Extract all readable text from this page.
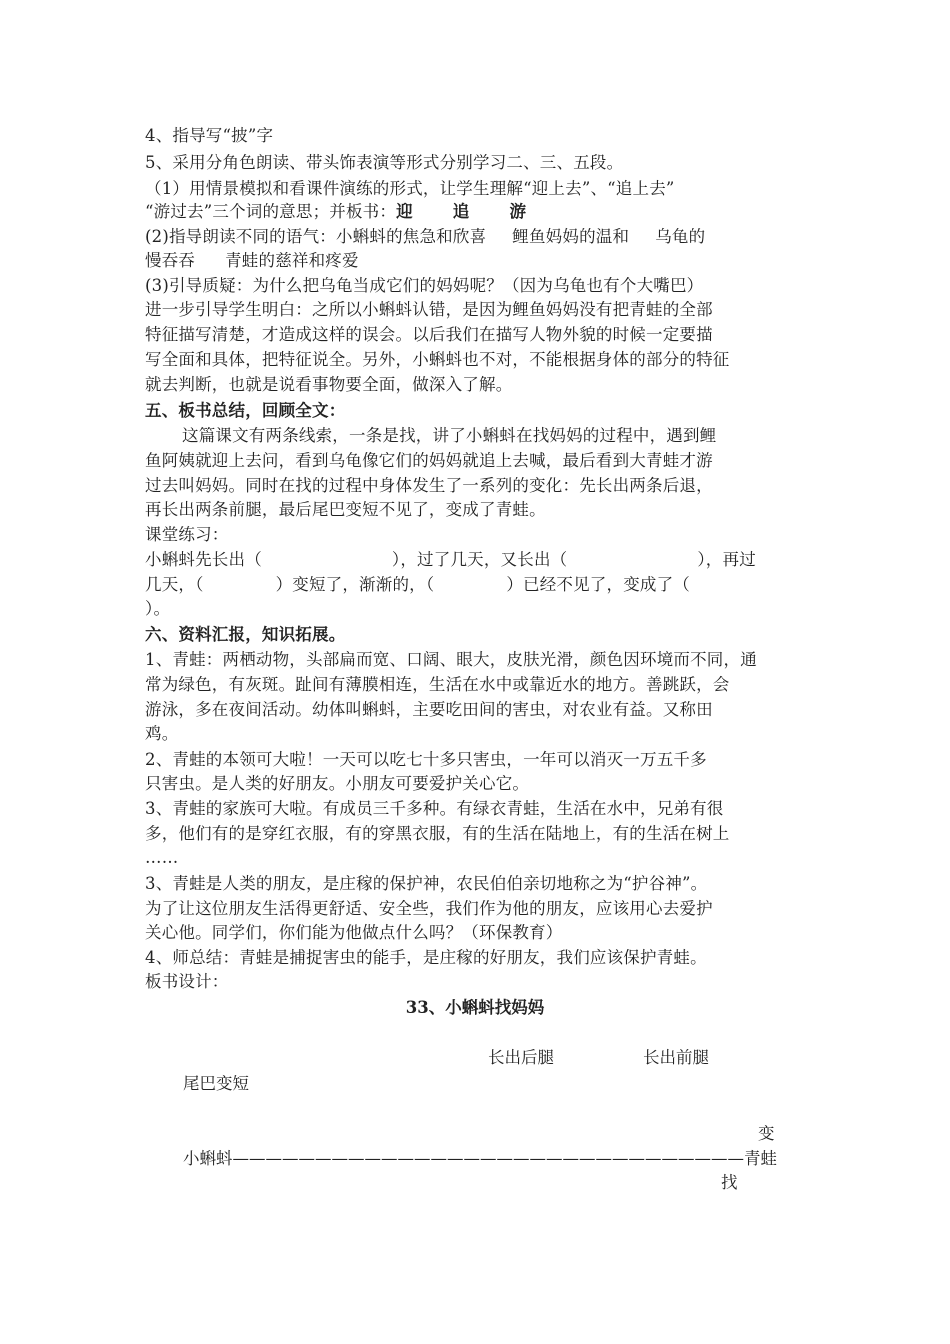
4、指导写“披”字
5、采用分角色朗读、带头饰表演等形式分别学习二、三、五段。
（1）用情景模拟和看课件演练的形式，让学生理解“迎上去”、“追上去”
“游过去”三个词的意思；并板书：迎 追 游
(2)指导朗读不同的语气：小蝌蚪的焦急和欣喜 鲤鱼妈妈的温和 乌龟的
慢吞吞 青蛙的慈祥和疼爱
(3)引导质疑：为什么把乌龟当成它们的妈妈呢？（因为乌龟也有个大嘴巴）
进一步引导学生明白：之所以小蝌蚪认错，是因为鲤鱼妈妈没有把青蛙的全部
特征描写清楚，才造成这样的误会。以后我们在描写人物外貌的时候一定要描
写全面和具体，把特征说全。另外，小蝌蚪也不对，不能根据身体的部分的特征
就去判断，也就是说看事物要全面，做深入了解。
五、板书总结，回顾全文：
这篇课文有两条线索，一条是找，讲了小蝌蚪在找妈妈的过程中，遇到鲤
鱼阿姨就迎上去问，看到乌龟像它们的妈妈就追上去喊，最后看到大青蛙才游
过去叫妈妈。同时在找的过程中身体发生了一系列的变化：先长出两条后退，
再长出两条前腿，最后尾巴变短不见了，变成了青蛙。
课堂练习：
小蝌蚪先长出（	），过了几天，又长出（	），再过
几天，（	）变短了，渐渐的，（	）已经不见了，变成了（
）。
六、资料汇报，知识拓展。
1、青蛙：两栖动物，头部扁而宽、口阔、眼大，皮肤光滑，颜色因环境而不同，通
常为绿色，有灰斑。趾间有薄膜相连，生活在水中或靠近水的地方。善跳跃，会
游泳，多在夜间活动。幼体叫蝌蚪，主要吃田间的害虫，对农业有益。又称田
鸡。
2、青蛙的本领可大啦！一天可以吃七十多只害虫，一年可以消灭一万五千多
只害虫。是人类的好朋友。小朋友可要爱护关心它。
3、青蛙的家族可大啦。有成员三千多种。有绿衣青蛙，生活在水中，兄弟有很
多，他们有的是穿红衣服，有的穿黑衣服，有的生活在陆地上，有的生活在树上
……
3、青蛙是人类的朋友，是庄稼的保护神，农民伯伯亲切地称之为“护谷神”。
为了让这位朋友生活得更舒适、安全些，我们作为他的朋友，应该用心去爱护
关心他。同学们，你们能为他做点什么吗？（环保教育）
4、师总结：青蛙是捕捉害虫的能手，是庄稼的好朋友，我们应该保护青蛙。
板书设计：
33、小蝌蚪找妈妈
长出后腿	长出前腿
尾巴变短
变
小蝌蚪———————————————————————————————青蛙
找
